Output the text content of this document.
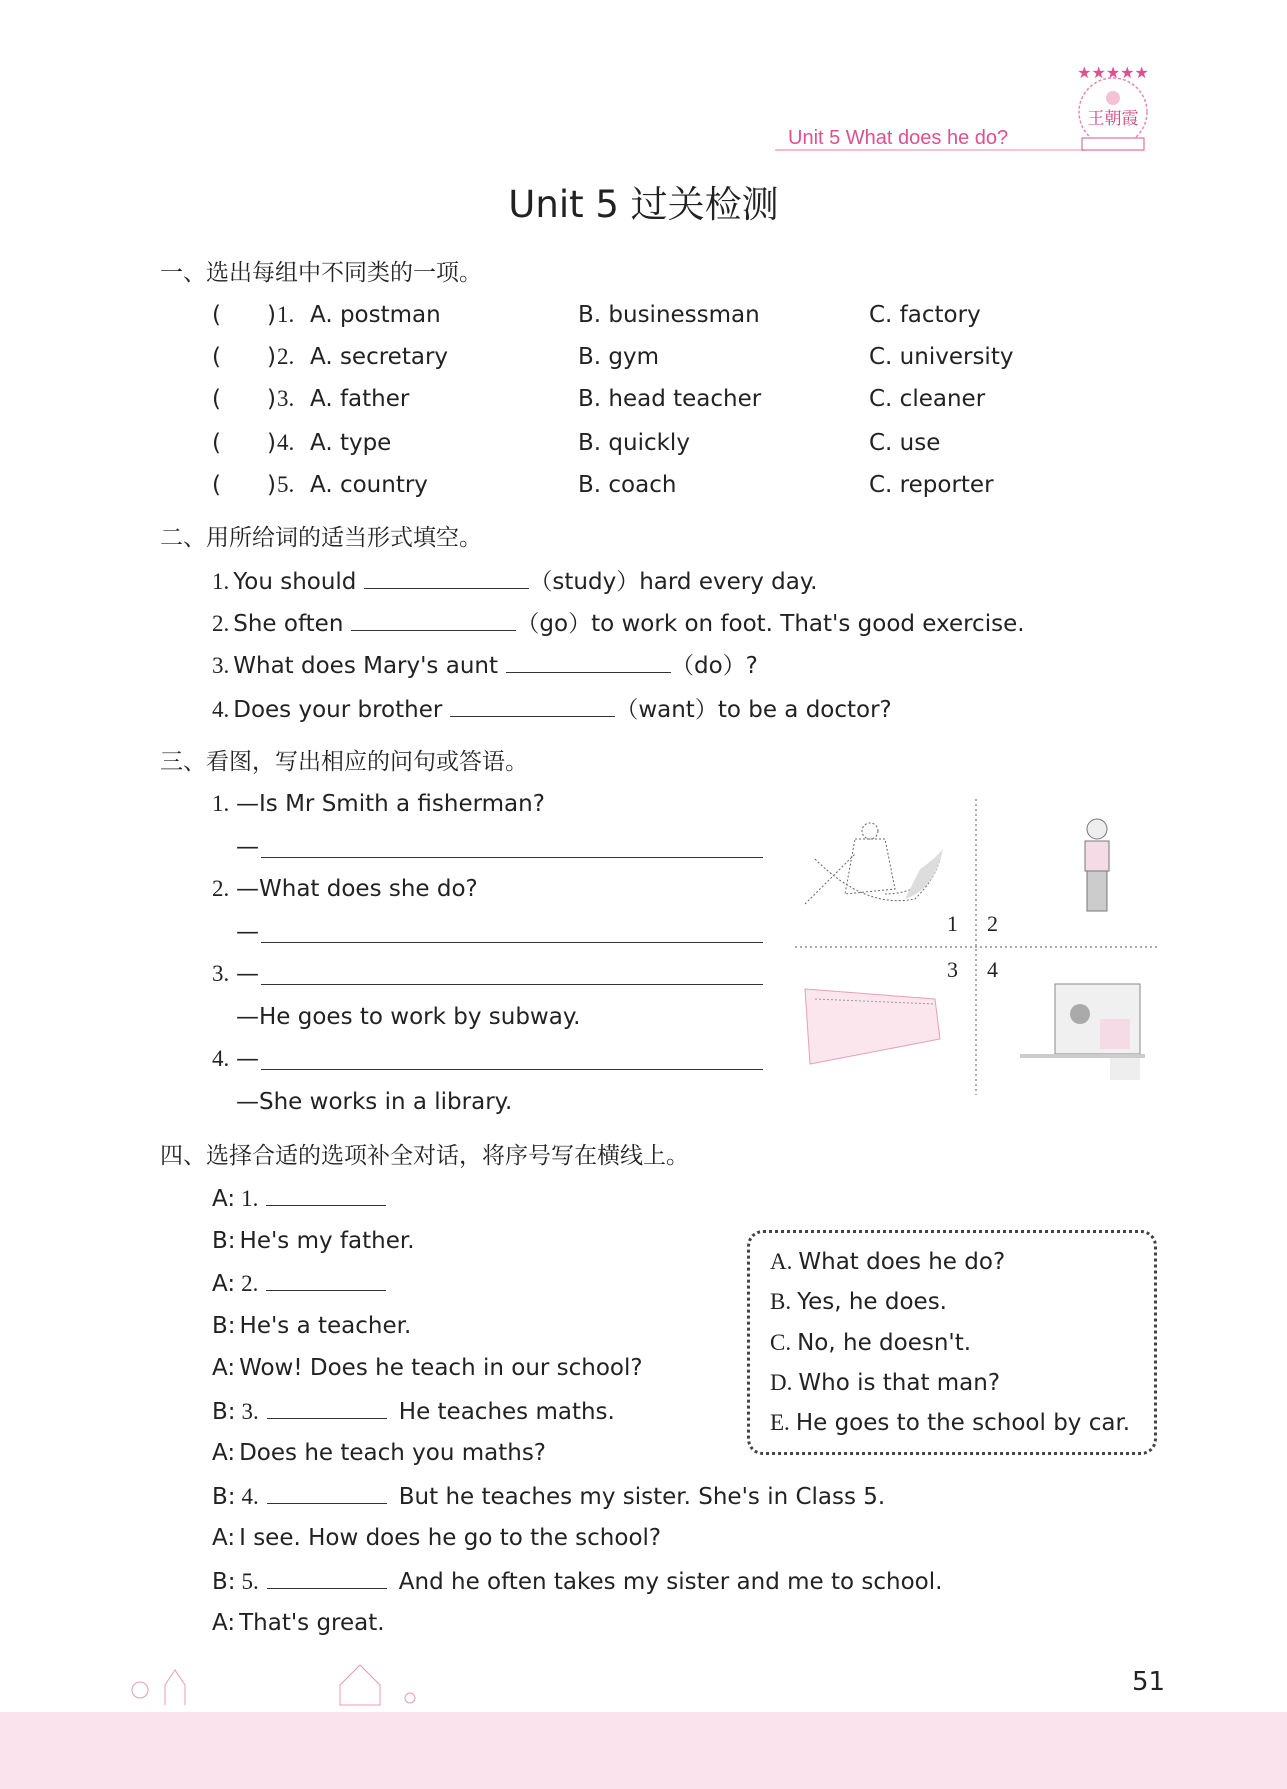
Unit 5 What does he do?
★★★★★
王朝霞
Unit 5 过关检测
一、选出每组中不同类的一项。
(　　) 1. A. postman	B. businessman	C. factory
(　　) 2. A. secretary	B. gym	C. university
(　　) 3. A. father	B. head teacher	C. cleaner
(　　) 4. A. type	B. quickly	C. use
(　　) 5. A. country	B. coach	C. reporter
二、用所给词的适当形式填空。
1. You should	（study）hard every day.
2. She often	（go）to work on foot. That's good exercise.
3. What does Mary's aunt	（do）?
4. Does your brother	（want）to be a doctor?
三、看图，写出相应的问句或答语。
1. —Is Mr Smith a fisherman?
—
2. —What does she do?
—
3. —
—He goes to work by subway.
4. —
—She works in a library.
1 2
3 4
四、选择合适的选项补全对话，将序号写在横线上。
A: 1.
B: He's my father.
A: 2.
B: He's a teacher.
A: Wow! Does he teach in our school?
B: 3.	He teaches maths.
A: Does he teach you maths?
B: 4.	But he teaches my sister. She's in Class 5.
A: I see. How does he go to the school?
B: 5.	And he often takes my sister and me to school.
A: That's great.
A. What does he do?
B. Yes, he does.
C. No, he doesn't.
D. Who is that man?
E. He goes to the school by car.
51
